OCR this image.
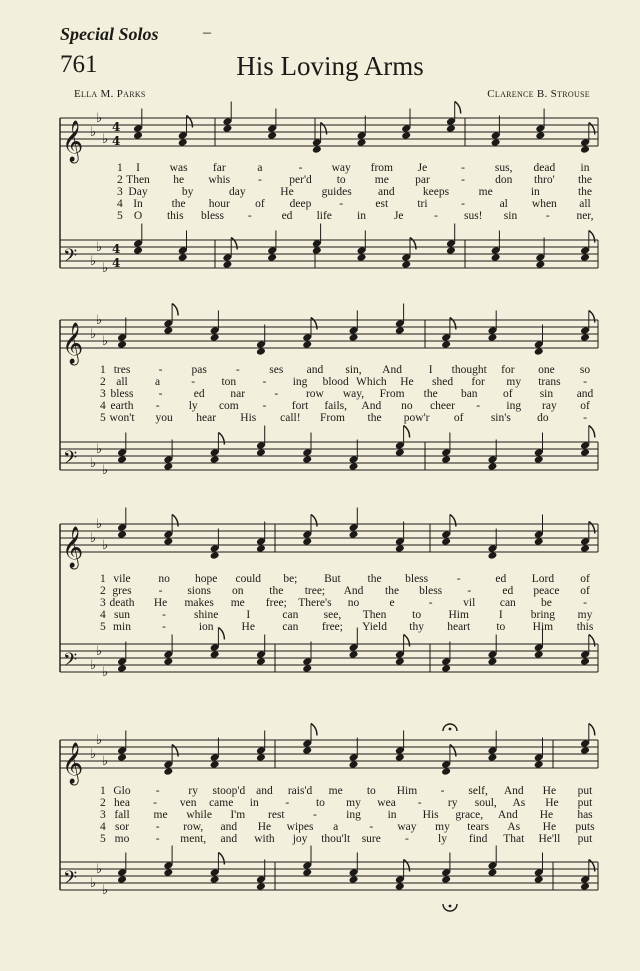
Special Solos	–
761	His Loving Arms
Ella M. Parks	Clarence B. Strouse
𝄞
𝄢
♭
♭
♭
♭
♭
♭
4
4
4
4
𝄞
𝄢
♭
♭
♭
♭
♭
♭
𝄞
𝄢
♭
♭
♭
♭
♭
♭
𝄞
𝄢
♭
♭
♭
♭
♭
♭
1 I	was far	a	-	way from Je	-	sus, dead in
2 Then he whis - per'd to	me par	-	don thro' the
3 Day	by	day	He guides and keeps	me	in	the
4 In	the hour of deep -	est	tri	-	al when all
5 O this bless -	ed life in Je	- sus! sin - ner,
1 tres -	pas	-	ses and sin, And I thought for one so
2 all a	- ton - ing blood Which He shed for my trans -
3 bless -	ed nar	- row way, From the ban of sin and
4 earth -	ly com - fort fails, And no cheer - ing ray of
5 won't you hear His call! From the pow'r of sin's do	-
1 vile no hope could be; But the bless -	ed Lord of
2 gres - sions on the tree; And the bless -	ed peace of
3 death He makes me free; There's no	e	-	vil can be	-
4 sun	- shine I	can see, Then to Him	I bring my
5 min	-	ion He can free; Yield thy heart to Him this
1 Glo -	ry stoop'd and rais'd me to Him - self, And He put
2 hea - ven came in - to my wea - ry soul, As He put
3 fall me while I'm rest -	ing in His grace, And He has
4 sor - row, and He wipes a	- way my tears As He puts
5 mo - ment, and with joy thou'lt sure -	ly find That He'll put
